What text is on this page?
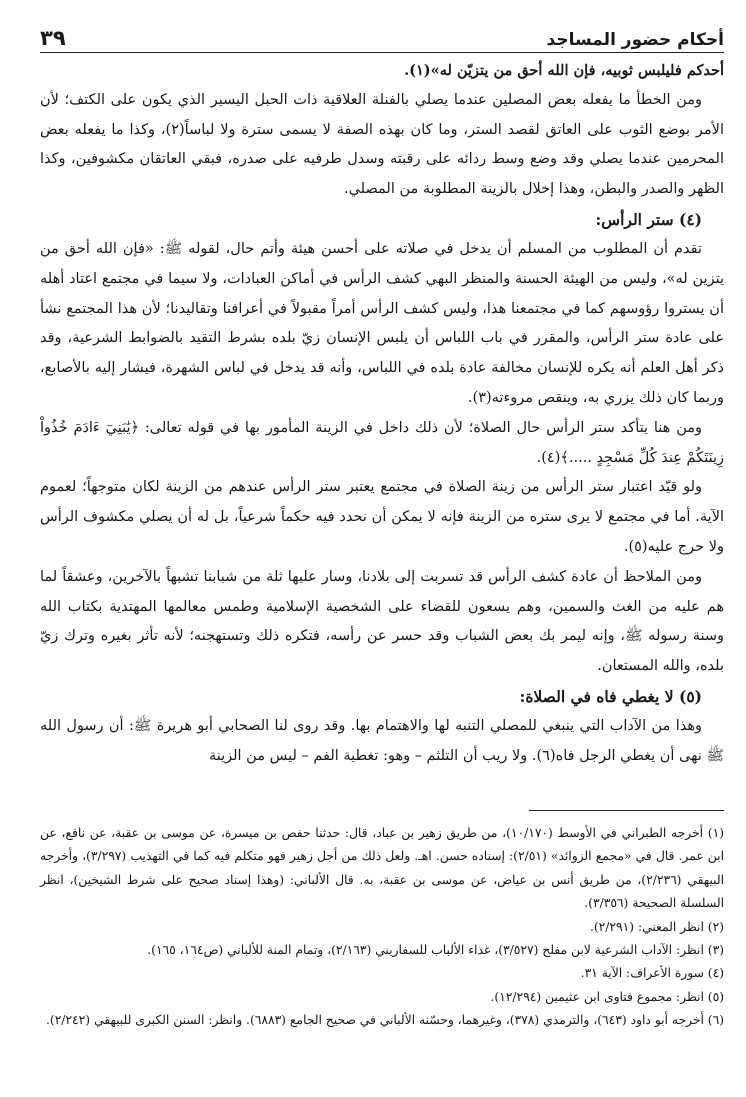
أحكام حضور المساجد
٣٩

أحدكم فليلبس ثوبيه، فإن الله أحق من يتزيّن له»(١).

ومن الخطأ ما يفعله بعض المصلين عندما يصلي بالفنلة العلاقية ذات الحبل اليسير الذي يكون على الكتف؛ لأن الأمر بوضع الثوب على العاتق لقصد الستر، وما كان بهذه الصفة لا يسمى سترة ولا لباساً(٢)، وكذا ما يفعله بعض المحرمين عندما يصلي وقد وضع وسط ردائه على رقبته وسدل طرفيه على صدره، فبقي العاتقان مكشوفين، وكذا الظهر والصدر والبطن، وهذا إخلال بالزينة المطلوبة من المصلي.

(٤) ستر الرأس:

تقدم أن المطلوب من المسلم أن يدخل في صلاته على أحسن هيئة وأتم حال، لقوله ﷺ: «فإن الله أحق من يتزين له»، وليس من الهيئة الحسنة والمنظر البهي كشف الرأس في أماكن العبادات، ولا سيما في مجتمع اعتاد أهله أن يستروا رؤوسهم كما في مجتمعنا هذا، وليس كشف الرأس أمراً مقبولاً في أعرافنا وتقاليدنا؛ لأن هذا المجتمع نشأ على عادة ستر الرأس، والمقرر في باب اللباس أن يلبس الإنسان زيّ بلده بشرط التقيد بالضوابط الشرعية، وقد ذكر أهل العلم أنه يكره للإنسان مخالفة عادة بلده في اللباس، وأنه قد يدخل في لباس الشهرة، فيشار إليه بالأصابع، وربما كان ذلك يزري به، وينقص مروءته(٣).

ومن هنا يتأكد ستر الرأس حال الصلاة؛ لأن ذلك داخل في الزينة المأمور بها في قوله تعالى: ﴿يَٰبَنِيٓ ءَادَمَ خُذُواْ زِينَتَكُمْ عِندَ كُلِّ مَسْجِدٍ .....﴾(٤).

ولو قيّد اعتبار ستر الرأس من زينة الصلاة في مجتمع يعتبر ستر الرأس عندهم من الزينة لكان متوجهاً؛ لعموم الآية. أما في مجتمع لا يرى ستره من الزينة فإنه لا يمكن أن نحدد فيه حكماً شرعياً، بل له أن يصلي مكشوف الرأس ولا حرج عليه(٥).

ومن الملاحظ أن عادة كشف الرأس قد تسربت إلى بلادنا، وسار عليها ثلة من شبابنا تشبهاً بالآخرين، وعشقاً لما هم عليه من الغث والسمين، وهم يسعون للقضاء على الشخصية الإسلامية وطمس معالمها المهتدية بكتاب الله وسنة رسوله ﷺ، وإنه ليمر بك بعض الشباب وقد حسر عن رأسه، فتكره ذلك وتستهجنه؛ لأنه تأثر بغيره وترك زيّ بلده، والله المستعان.

(٥) لا يغطي فاه في الصلاة:

وهذا من الآداب التي ينبغي للمصلي التنبه لها والاهتمام بها. وقد روى لنا الصحابي أبو هريرة ﷺ: أن رسول الله ﷺ نهى أن يغطي الرجل فاه(٦). ولا ريب أن التلثم – وهو: تغطية الفم – ليس من الزينة

(١) أخرجه الطبراني في الأوسط (١٠/١٧٠)، من طريق زهير بن عباد، قال: حدثنا حفص بن ميسرة، عن موسى بن عقبة، عن نافع، عن ابن عمر. قال في «مجمع الزوائد» (٢/٥١): إسناده حسن. اهـ. ولعل ذلك من أجل زهير فهو متكلم فيه كما في التهذيب (٣/٢٩٧)، وأخرجه البيهقي (٢/٢٣٦)، من طريق أنس بن عياض، عن موسى بن عقبة، به. قال الألباني: (وهذا إسناد صحيح على شرط الشيخين)، انظر السلسلة الصحيحة (٣/٣٥٦).

(٢) انظر المغني: (٢/٢٩١).

(٣) انظر: الآداب الشرعية لابن مفلح (٣/٥٢٧)، غذاء الألباب للسفاريني (٢/١٦٣)، وتمام المنة للألباني (ص١٦٤، ١٦٥).

(٤) سورة الأعراف: الآية ٣١.

(٥) انظر: مجموع فتاوى ابن عثيمين (١٢/٢٩٤).

(٦) أخرجه أبو داود (٦٤٣)، والترمذي (٣٧٨)، وغيرهما، وحسّنه الألباني في صحيح الجامع (٦٨٨٣). وانظر: السنن الكبرى للبيهقي (٢/٢٤٢).
